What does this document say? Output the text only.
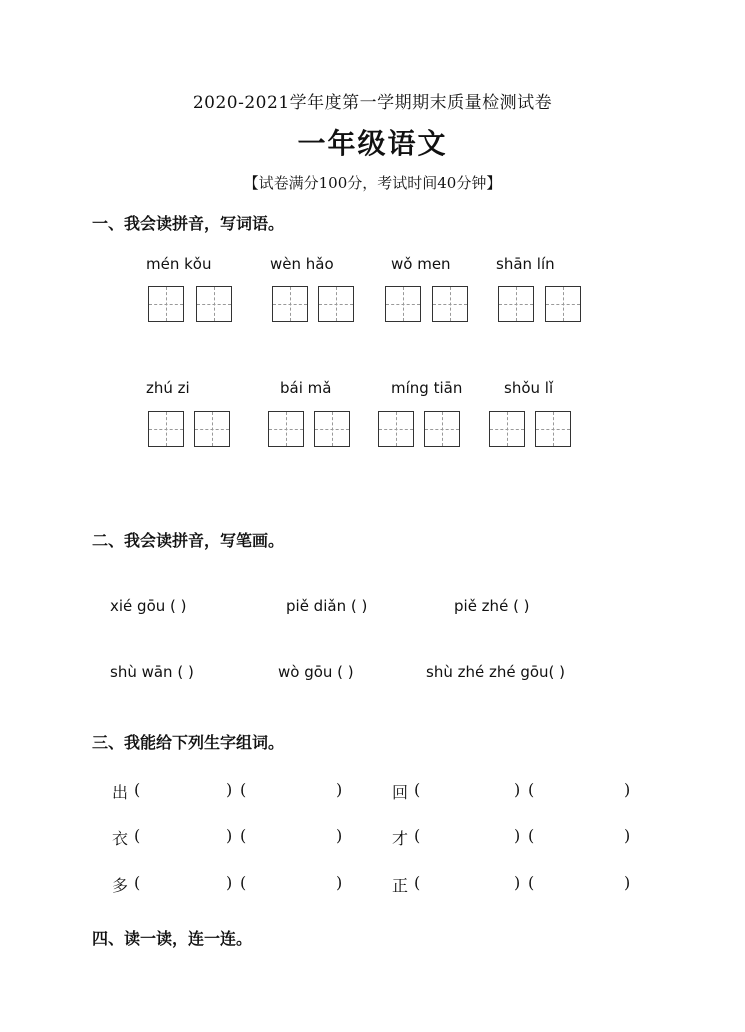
2020-2021学年度第一学期期末质量检测试卷
一年级语文
【试卷满分100分，考试时间40分钟】
一、我会读拼音，写词语。
mén kǒu	wèn hǎo	wǒ men	shān lín
zhú zi	bái mǎ	míng tiān	shǒu lǐ
二、我会读拼音，写笔画。
xié gōu ( )	piě diǎn ( )	piě zhé ( )
shù wān ( )	wò gōu ( )	shù zhé zhé gōu( )
三、我能给下列生字组词。
出 (	) (	)	回 (	) (	)
衣 (	) (	)	才 (	) (	)
多 (	) (	)	正 (	) (	)
四、读一读，连一连。
